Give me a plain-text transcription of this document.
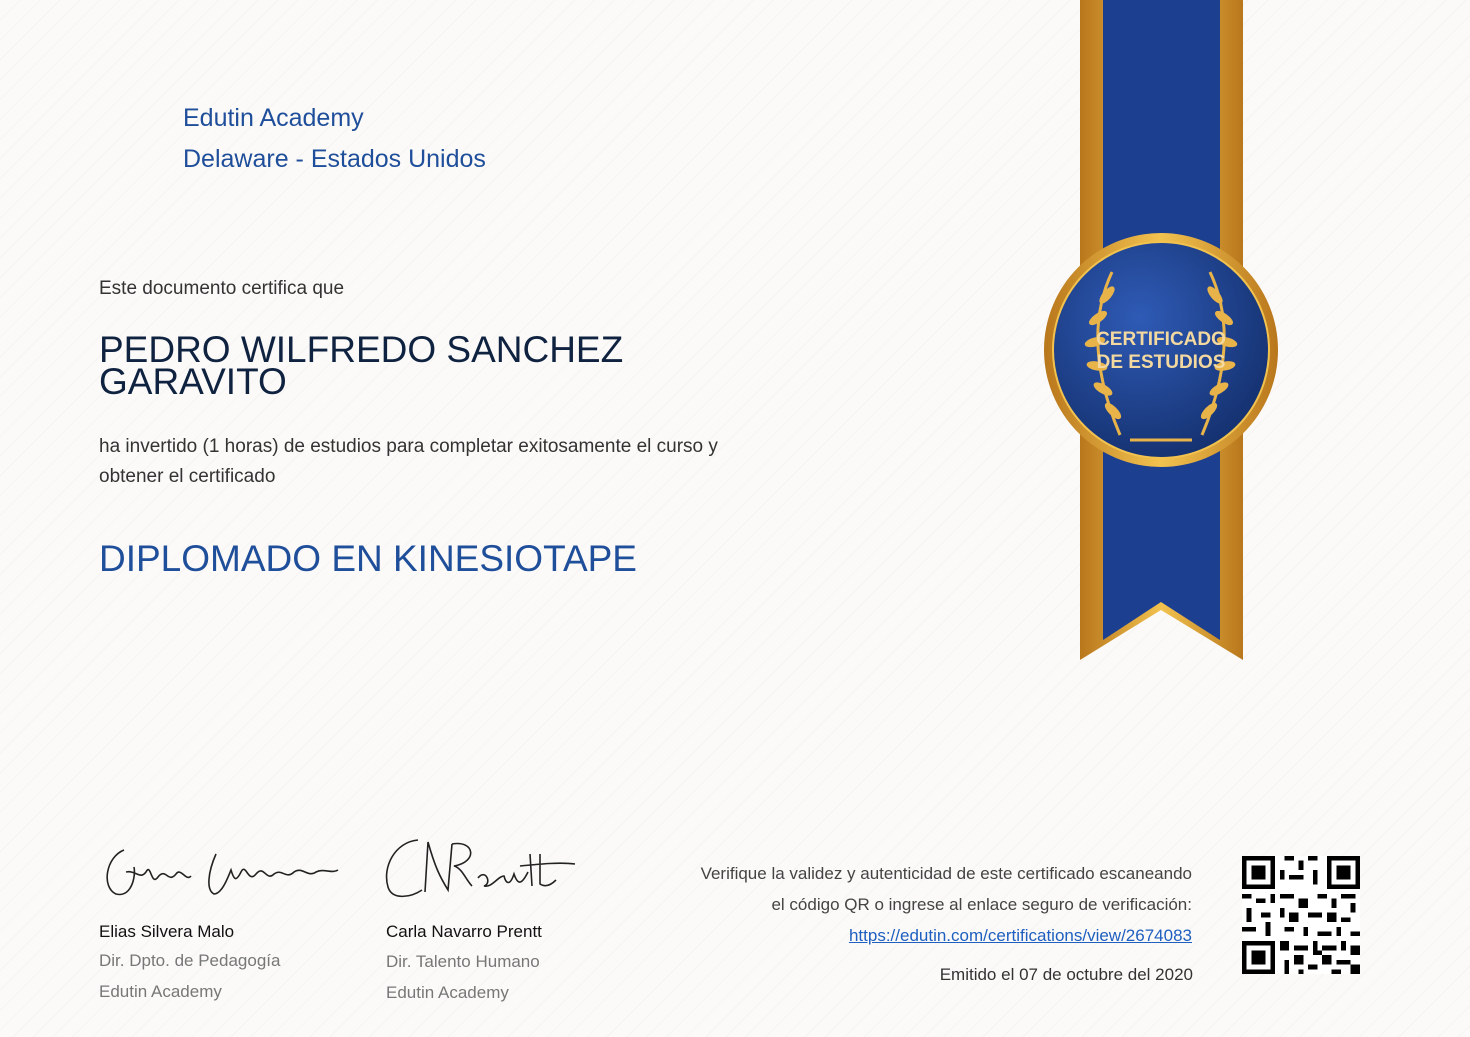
Edutin Academy
Delaware - Estados Unidos
Este documento certifica que
PEDRO WILFREDO SANCHEZ GARAVITO
ha invertido (1 horas) de estudios para completar exitosamente el curso y
obtener el certificado
DIPLOMADO EN KINESIOTAPE
CERTIFICADO
DE ESTUDIOS
Elias Silvera Malo
Dir. Dpto. de Pedagogía
Edutin Academy
Carla Navarro Prentt
Dir. Talento Humano
Edutin Academy
Verifique la validez y autenticidad de este certificado escaneando
el código QR o ingrese al enlace seguro de verificación:
https://edutin.com/certifications/view/2674083
Emitido el 07 de octubre del 2020
